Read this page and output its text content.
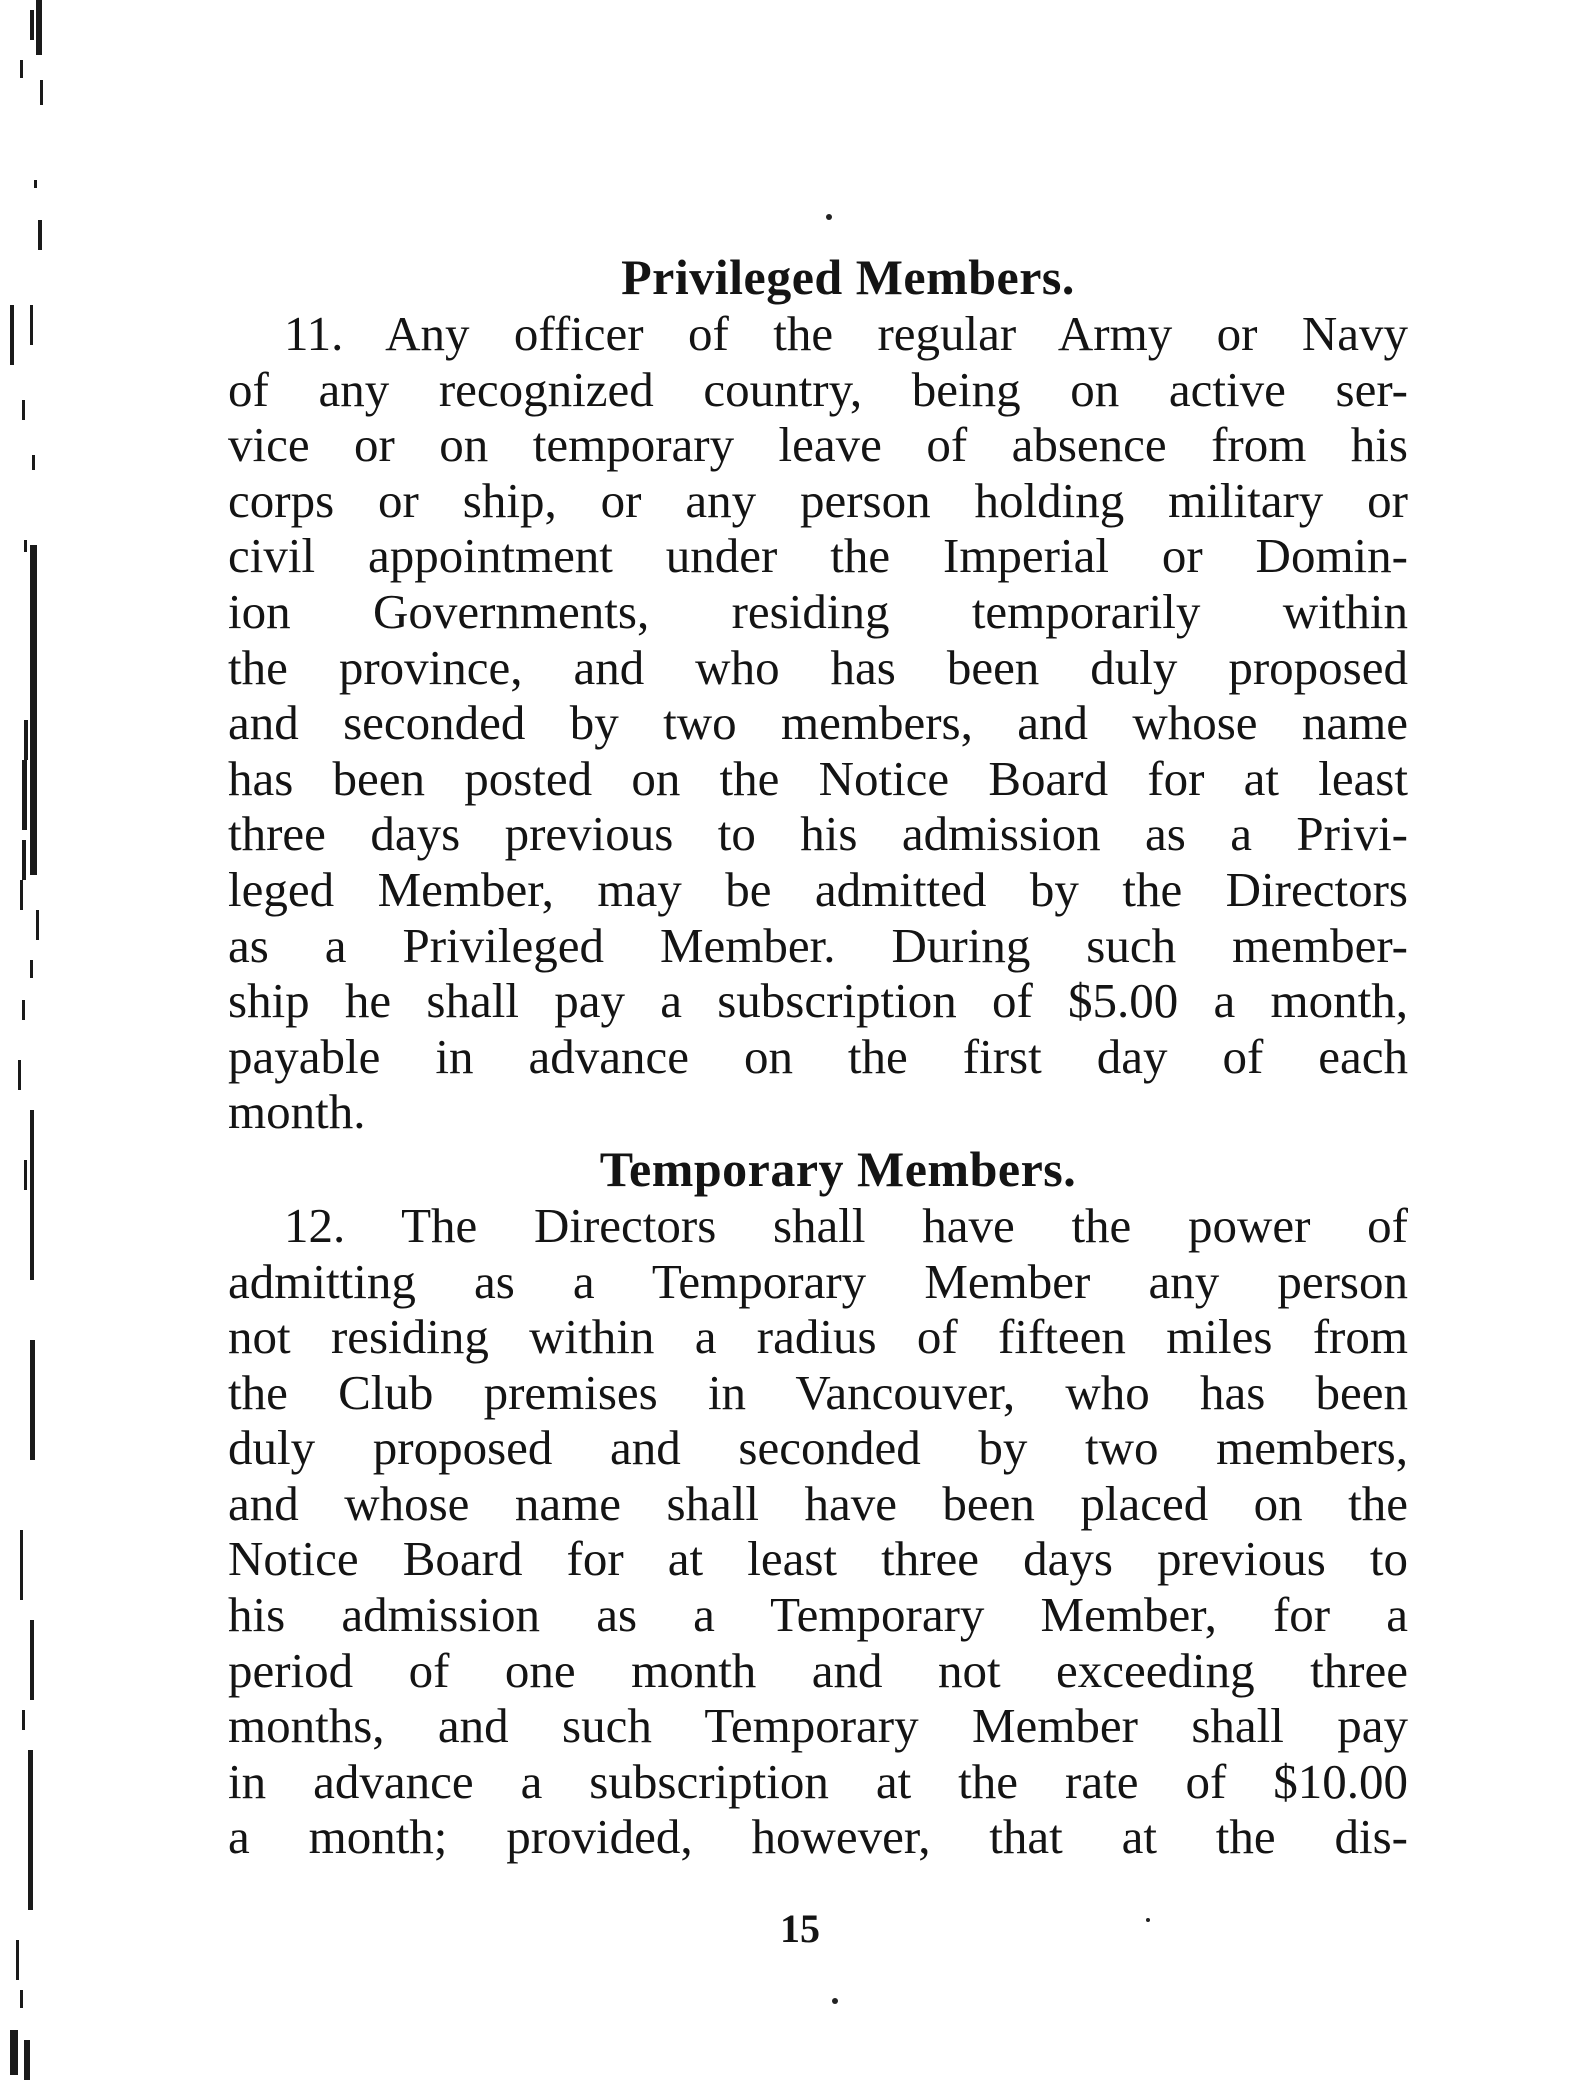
Privileged Members.

11. Any officer of the regular Army or Navy
of any recognized country, being on active ser-
vice or on temporary leave of absence from his
corps or ship, or any person holding military or
civil appointment under the Imperial or Domin-
ion Governments, residing temporarily within
the province, and who has been duly proposed
and seconded by two members, and whose name
has been posted on the Notice Board for at least
three days previous to his admission as a Privi-
leged Member, may be admitted by the Directors
as a Privileged Member. During such member-
ship he shall pay a subscription of $5.00 a month,
payable in advance on the first day of each
month.

Temporary Members.

12. The Directors shall have the power of
admitting as a Temporary Member any person
not residing within a radius of fifteen miles from
the Club premises in Vancouver, who has been
duly proposed and seconded by two members,
and whose name shall have been placed on the
Notice Board for at least three days previous to
his admission as a Temporary Member, for a
period of one month and not exceeding three
months, and such Temporary Member shall pay
in advance a subscription at the rate of $10.00
a month; provided, however, that at the dis-

15
